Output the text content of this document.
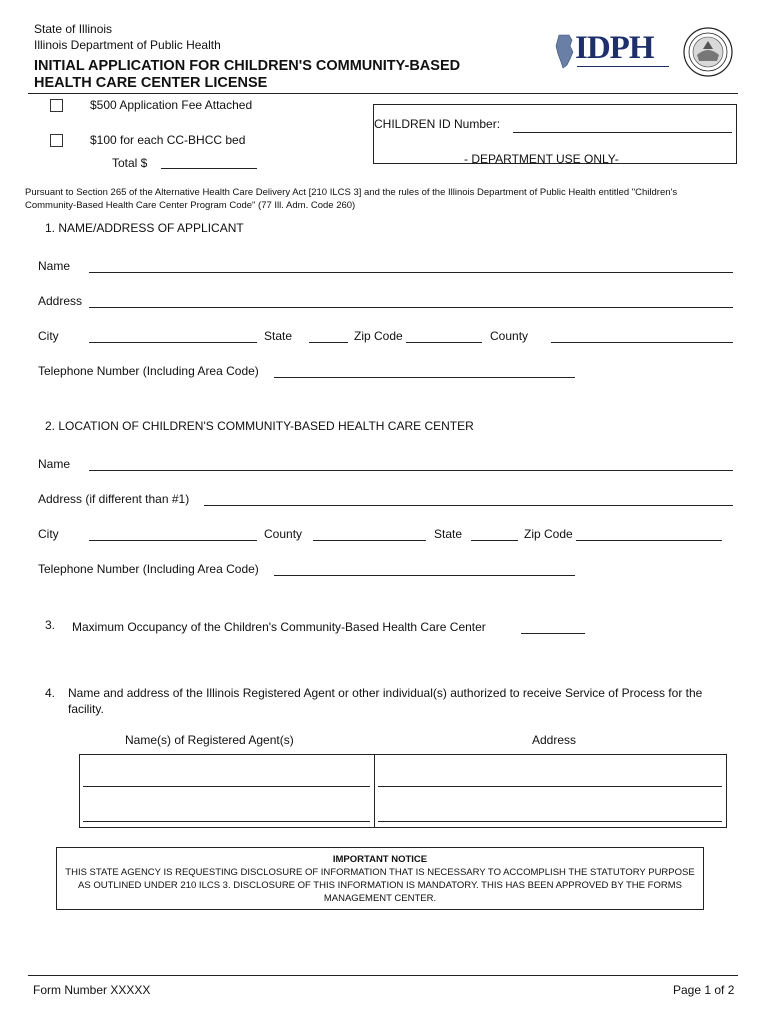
State of Illinois
Illinois Department of Public Health
INITIAL APPLICATION FOR CHILDREN'S COMMUNITY-BASED
HEALTH CARE CENTER LICENSE
IDPH
$500 Application Fee Attached
$100 for each CC-BHCC bed
Total $
CHILDREN ID Number:
- DEPARTMENT USE ONLY-
Pursuant to Section 265 of the Alternative Health Care Delivery Act [210 ILCS 3] and the rules of the Illinois Department of Public Health entitled "Children's
Community-Based Health Care Center Program Code" (77 Ill. Adm. Code 260)
1. NAME/ADDRESS OF APPLICANT
Name
Address
City	State	Zip Code	County
Telephone Number (Including Area Code)
2. LOCATION OF CHILDREN'S COMMUNITY-BASED HEALTH CARE CENTER
Name
Address (if different than #1)
City	County	State	Zip Code
Telephone Number (Including Area Code)
3. Maximum Occupancy of the Children's Community-Based Health Care Center
4. Name and address of the Illinois Registered Agent or other individual(s) authorized to receive Service of Process for the
facility.
Name(s) of Registered Agent(s)	Address
IMPORTANT NOTICE
THIS STATE AGENCY IS REQUESTING DISCLOSURE OF INFORMATION THAT IS NECESSARY TO ACCOMPLISH THE STATUTORY PURPOSE AS OUTLINED UNDER 210 ILCS 3. DISCLOSURE OF THIS INFORMATION IS MANDATORY. THIS HAS BEEN APPROVED BY THE FORMS MANAGEMENT CENTER.
Form Number XXXXX	Page 1 of 2
